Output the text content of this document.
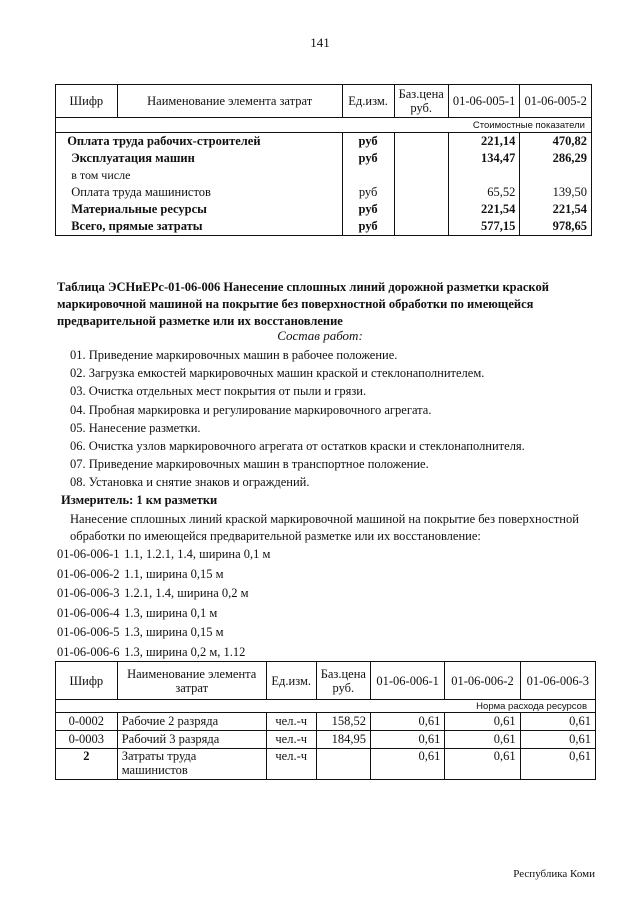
141
Шифр	Наименование элемента затрат	Ед.изм.	Баз.цена руб.	01-06-005-1	01-06-005-2
	Стоимостные показатели
	Оплата труда рабочих-строителей	руб		221,14	470,82
	Эксплуатация машин	руб		134,47	286,29
	в том числе				
	Оплата труда машинистов	руб		65,52	139,50
	Материальные ресурсы	руб		221,54	221,54
	Всего, прямые затраты	руб		577,15	978,65
Таблица ЭСНиЕРс-01-06-006 Нанесение сплошных линий дорожной разметки краской маркировочной машиной на покрытие без поверхностной обработки по имеющейся предварительной разметке или их восстановление
Состав работ:
01. Приведение маркировочных машин в рабочее положение.
02. Загрузка емкостей маркировочных машин краской и стеклонаполнителем.
03. Очистка отдельных мест покрытия от пыли и грязи.
04. Пробная маркировка и регулирование маркировочного агрегата.
05. Нанесение разметки.
06. Очистка узлов маркировочного агрегата от остатков краски и стеклонаполнителя.
07. Приведение маркировочных машин в транспортное положение.
08. Установка и снятие знаков и ограждений.
Измеритель: 1 км разметки
Нанесение сплошных линий краской маркировочной машиной на покрытие без поверхностной обработки по имеющейся предварительной разметке или их восстановление:
01-06-006-1 1.1, 1.2.1, 1.4, ширина 0,1 м
01-06-006-2 1.1, ширина 0,15 м
01-06-006-3 1.2.1, 1.4, ширина 0,2 м
01-06-006-4 1.3, ширина 0,1 м
01-06-006-5 1.3, ширина 0,15 м
01-06-006-6 1.3, ширина 0,2 м, 1.12
Шифр	Наименование элемента затрат	Ед.изм.	Баз.цена руб.	01-06-006-1	01-06-006-2	01-06-006-3
				Норма расхода ресурсов		
0-0002	Рабочие 2 разряда	чел.-ч	158,52	0,61	0,61	0,61
0-0003	Рабочий 3 разряда	чел.-ч	184,95	0,61	0,61	0,61
2	Затраты труда машинистов	чел.-ч		0,61	0,61	0,61
Республика Коми
